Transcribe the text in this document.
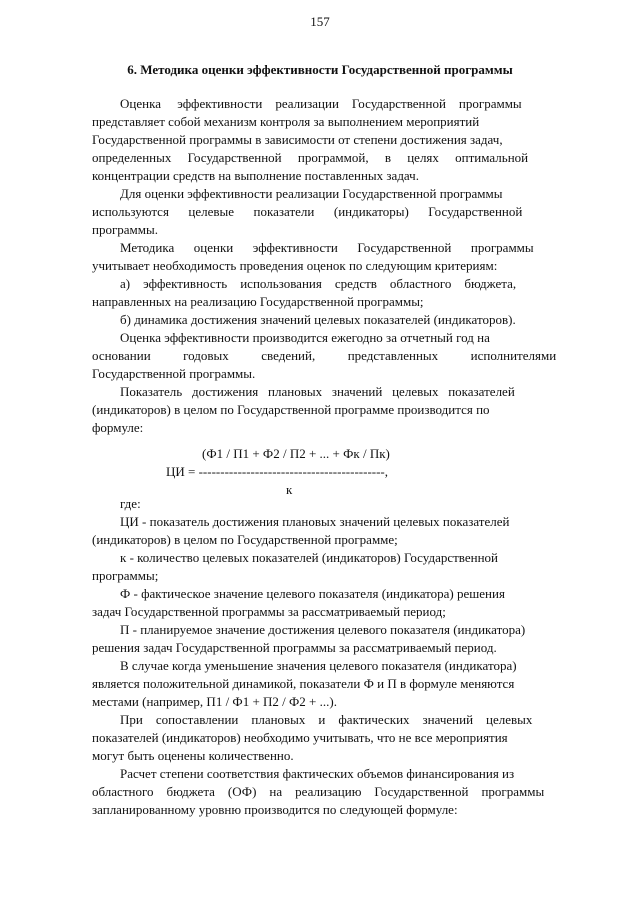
157
6. Методика оценки эффективности Государственной программы
Оценка     эффективности    реализации    Государственной    программы
представляет собой механизм контроля за выполнением мероприятий
Государственной программы в зависимости от степени достижения задач,
определенных     Государственной     программой,     в     целях     оптимальной
концентрации средств на выполнение поставленных задач.
Для оценки эффективности реализации Государственной программы
используются      целевые      показатели      (индикаторы)      Государственной
программы.
Методика      оценки      эффективности      Государственной      программы
учитывает необходимость проведения оценок по следующим критериям:
а)    эффективность    использования    средств    областного    бюджета,
направленных на реализацию Государственной программы;
б) динамика достижения значений целевых показателей (индикаторов).
Оценка эффективности производится ежегодно за отчетный год на
основании          годовых          сведений,          представленных          исполнителями
Государственной программы.
Показатель   достижения   плановых   значений   целевых   показателей
(индикаторов) в целом по Государственной программе производится по
формуле:
(Ф1 / П1 + Ф2 / П2 + ... + Фк / Пк)
ЦИ = -------------------------------------------,
к
где:
ЦИ - показатель достижения плановых значений целевых показателей
(индикаторов) в целом по Государственной программе;
к - количество целевых показателей (индикаторов) Государственной
программы;
Ф - фактическое значение целевого показателя (индикатора) решения
задач Государственной программы за рассматриваемый период;
П - планируемое значение достижения целевого показателя (индикатора)
решения задач Государственной программы за рассматриваемый период.
В случае когда уменьшение значения целевого показателя (индикатора)
является положительной динамикой, показатели Ф и П в формуле меняются
местами (например, П1 / Ф1 + П2 / Ф2 + ...).
При    сопоставлении    плановых    и    фактических    значений    целевых
показателей (индикаторов) необходимо учитывать, что не все мероприятия
могут быть оценены количественно.
Расчет степени соответствия фактических объемов финансирования из
областного    бюджета    (ОФ)    на    реализацию    Государственной    программы
запланированному уровню производится по следующей формуле:
